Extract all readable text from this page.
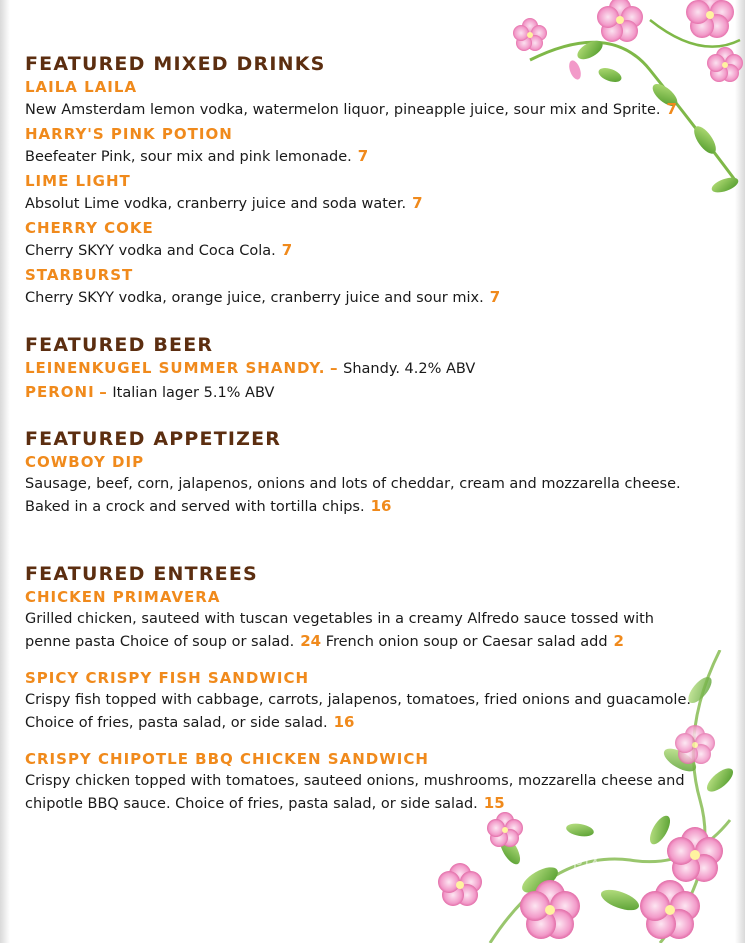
FEATURED MIXED DRINKS

LAILA LAILA

New Amsterdam lemon vodka, watermelon liquor, pineapple juice, sour mix and Sprite. 7

HARRY'S PINK POTION

Beefeater Pink, sour mix and pink lemonade. 7

LIME LIGHT

Absolut Lime vodka, cranberry juice and soda water. 7

CHERRY COKE

Cherry SKYY vodka and Coca Cola. 7

STARBURST

Cherry SKYY vodka, orange juice, cranberry juice and sour mix. 7

FEATURED BEER

LEINENKUGEL SUMMER SHANDY. – Shandy. 4.2% ABV

PERONI – Italian lager 5.1% ABV

FEATURED APPETIZER

COWBOY DIP

Sausage, beef, corn, jalapenos, onions and lots of cheddar, cream and mozzarella cheese.
Baked in a crock and served with tortilla chips. 16

FEATURED ENTREES

CHICKEN PRIMAVERA

Grilled chicken, sauteed with tuscan vegetables in a creamy Alfredo sauce tossed with
penne pasta Choice of soup or salad. 24 French onion soup or Caesar salad add 2

SPICY CRISPY FISH SANDWICH

Crispy fish topped with cabbage, carrots, jalapenos, tomatoes, fried onions and guacamole.
Choice of fries, pasta salad, or side salad. 16

CRISPY CHIPOTLE BBQ CHICKEN SANDWICH

Crispy chicken topped with tomatoes, sauteed onions, mushrooms, mozzarella cheese and
chipotle BBQ sauce. Choice of fries, pasta salad, or side salad. 15

menupix
